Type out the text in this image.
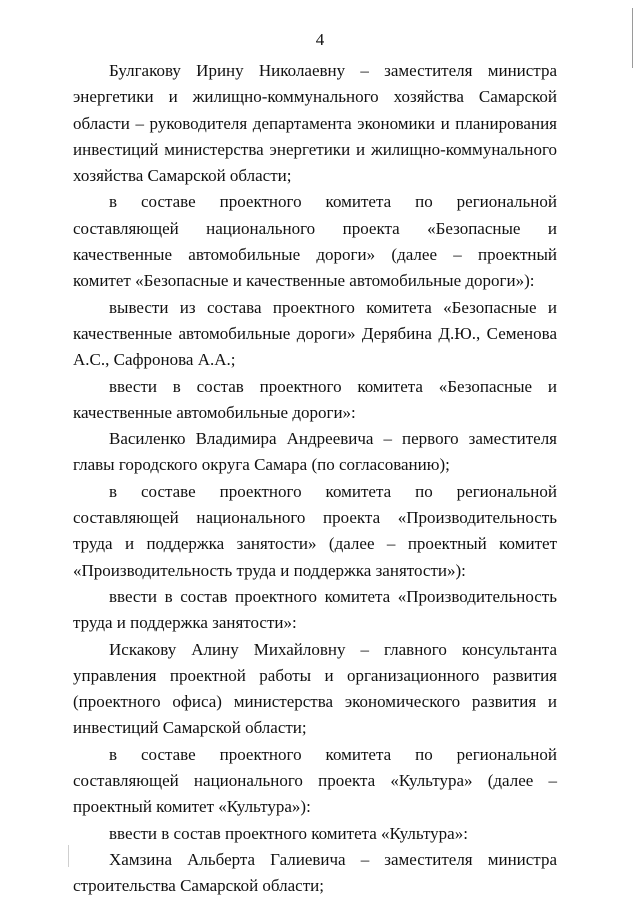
4

Булгакову Ирину Николаевну – заместителя министра энергетики и жилищно-коммунального хозяйства Самарской области – руководителя департамента экономики и планирования инвестиций министерства энергетики и жилищно-коммунального хозяйства Самарской области;

в составе проектного комитета по региональной составляющей национального проекта «Безопасные и качественные автомобильные дороги» (далее – проектный комитет «Безопасные и качественные автомобильные дороги»):

вывести из состава проектного комитета «Безопасные и качественные автомобильные дороги» Дерябина Д.Ю., Семенова А.С., Сафронова А.А.;

ввести в состав проектного комитета «Безопасные и качественные автомобильные дороги»:

Василенко Владимира Андреевича – первого заместителя главы городского округа Самара (по согласованию);

в составе проектного комитета по региональной составляющей национального проекта «Производительность труда и поддержка занятости» (далее – проектный комитет «Производительность труда и поддержка занятости»):

ввести в состав проектного комитета «Производительность труда и поддержка занятости»:

Искакову Алину Михайловну – главного консультанта управления проектной работы и организационного развития (проектного офиса) министерства экономического развития и инвестиций Самарской области;

в составе проектного комитета по региональной составляющей национального проекта «Культура» (далее – проектный комитет «Культура»):

ввести в состав проектного комитета «Культура»:

Хамзина Альберта Галиевича – заместителя министра строительства Самарской области;
